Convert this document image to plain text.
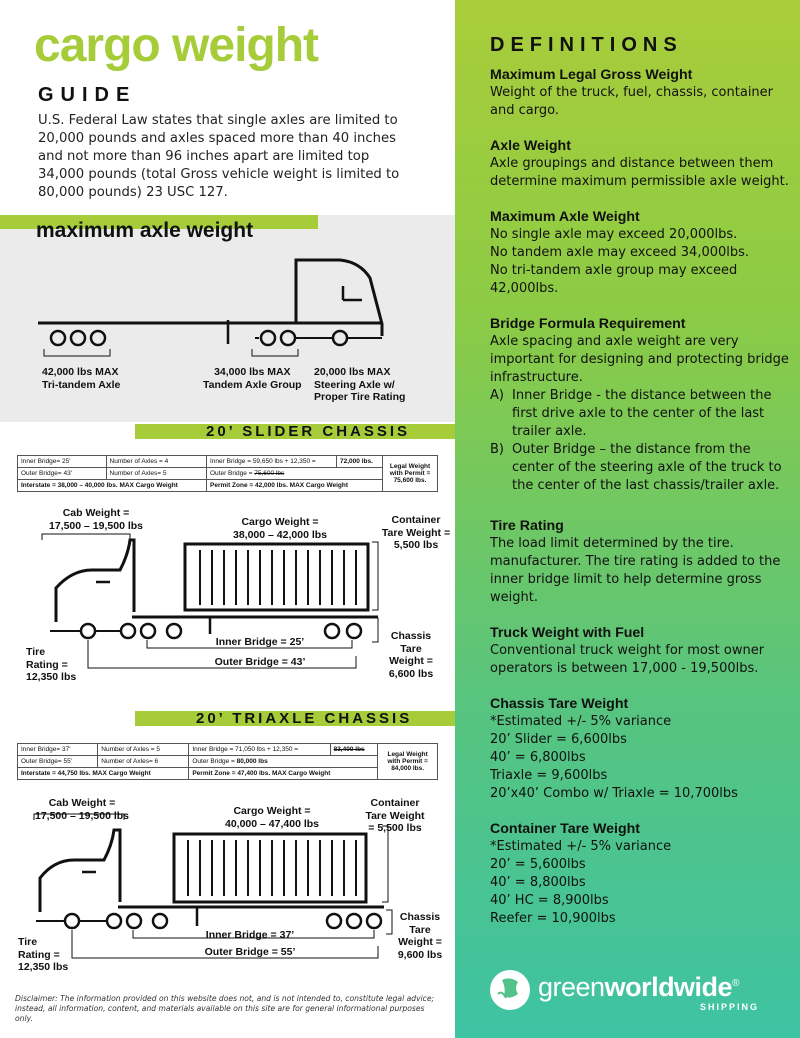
cargo weight
GUIDE
U.S. Federal Law states that single axles are limited to 20,000 pounds and axles spaced more than 40 inches and not more than 96 inches apart are limited top 34,000 pounds (total Gross vehicle weight is limited to 80,000 pounds) 23 USC 127.
maximum axle weight
42,000 lbs MAX
Tri-tandem Axle
34,000 lbs MAX
Tandem Axle Group
20,000 lbs MAX
Steering Axle w/
Proper Tire Rating
20’ SLIDER CHASSIS
Inner Bridge= 25'	Number of Axles = 4	Inner Bridge = 59,650 lbs + 12,350 =	72,000 lbs.	Legal Weight
with Permit =
75,600 lbs.

Outer Bridge= 43'	Number of Axles= 5	Outer Bridge = 75,600 lbs		
Interstate = 38,000 – 40,000 lbs. MAX Cargo Weight		Permit Zone = 42,000 lbs. MAX Cargo Weight		
Cab Weight =
17,500 – 19,500 lbs	Cargo Weight =
38,000 – 42,000 lbs
Container
Tare Weight =
5,500 lbs
Inner Bridge = 25’
Outer Bridge = 43’
Tire
Rating =
12,350 lbs
Chassis
Tare
Weight =
6,600 lbs
20’ TRIAXLE CHASSIS
Inner Bridge= 37'	Number of Axles = 5	Inner Bridge = 71,050 lbs + 12,350 =	83,400 lbs	Legal Weight
with Permit =
84,000 lbs.

Outer Bridge= 55'	Number of Axles= 6	Outer Bridge = 80,000 lbs		
Interstate = 44,750 lbs. MAX Cargo Weight		Permit Zone = 47,400 lbs. MAX Cargo Weight		
Cab Weight =
17,500 – 19,500 lbs	Cargo Weight =
40,000 – 47,400 lbs
Container
Tare Weight
= 5,500 lbs
Inner Bridge = 37’
Outer Bridge = 55’
Tire
Rating =
12,350 lbs
Chassis
Tare
Weight =
9,600 lbs
Disclaimer: The information provided on this website does not, and is not intended to, constitute legal advice; instead, all information, content, and materials available on this site are for general informational purposes only.
DEFINITIONS
Maximum Legal Gross Weight

Weight of the truck, fuel, chassis, container and cargo.

Axle Weight

Axle groupings and distance between them determine maximum permissible axle weight.

Maximum Axle Weight

No single axle may exceed 20,000lbs.

No tandem axle may exceed 34,000lbs.

No tri-tandem axle group may exceed 42,000lbs.

Bridge Formula Requirement

Axle spacing and axle weight are very important for designing and protecting bridge infrastructure.

A) Inner Bridge - the distance between the first drive axle to the center of the last trailer axle.
B) Outer Bridge – the distance from the center of the steering axle of the truck to the center of the last chassis/trailer axle.
Tire Rating

The load limit determined by the tire. manufacturer. The tire rating is added to the inner bridge limit to help determine gross weight.

Truck Weight with Fuel

Conventional truck weight for most owner operators is between 17,000 - 19,500lbs.

Chassis Tare Weight

*Estimated +/- 5% variance

20’ Slider = 6,600lbs

40’ = 6,800lbs

Triaxle = 9,600lbs

20’x40’ Combo w/ Triaxle = 10,700lbs

Container Tare Weight

*Estimated +/- 5% variance

20’ = 5,600lbs

40’ = 8,800lbs

40’ HC = 8,900lbs

Reefer = 10,900lbs

greenworldwide®
SHIPPING
